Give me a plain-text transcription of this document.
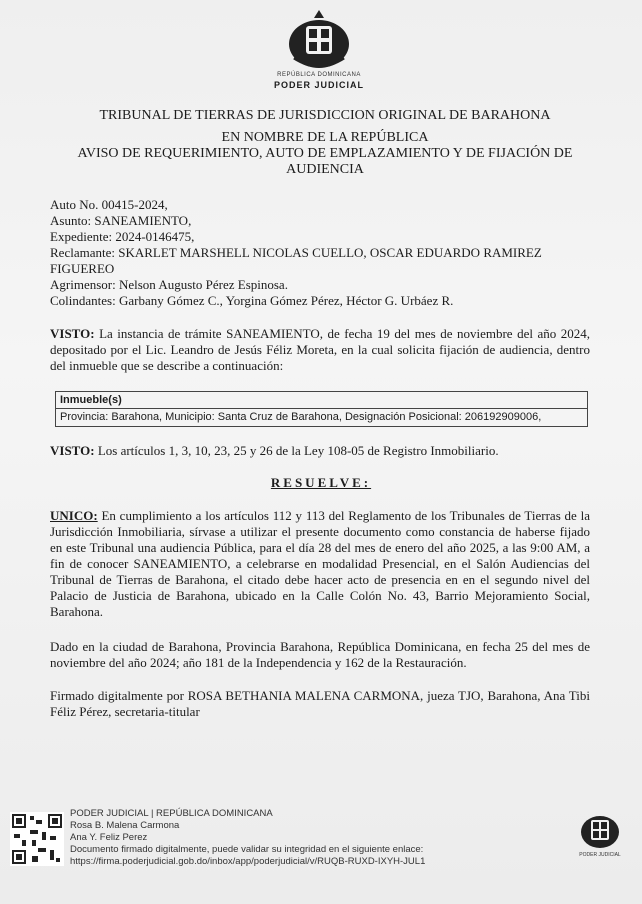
REPÚBLICA DOMINICANA
PODER JUDICIAL
TRIBUNAL DE TIERRAS DE JURISDICCION ORIGINAL DE BARAHONA
EN NOMBRE DE LA REPÚBLICA
AVISO DE REQUERIMIENTO, AUTO DE EMPLAZAMIENTO Y DE FIJACIÓN DE
AUDIENCIA
Auto No. 00415-2024,
Asunto: SANEAMIENTO,
Expediente: 2024-0146475,
Reclamante: SKARLET MARSHELL NICOLAS CUELLO, OSCAR EDUARDO RAMIREZ FIGUEREO
Agrimensor: Nelson Augusto Pérez Espinosa.
Colindantes: Garbany Gómez C., Yorgina Gómez Pérez, Héctor G. Urbáez R.
VISTO: La instancia de trámite SANEAMIENTO, de fecha 19 del mes de noviembre del año 2024, depositado por el Lic. Leandro de Jesús Féliz Moreta, en la cual solicita fijación de audiencia, dentro del inmueble que se describe a continuación:
Inmueble(s)
Provincia: Barahona, Municipio: Santa Cruz de Barahona, Designación Posicional: 206192909006,
VISTO: Los artículos 1, 3, 10, 23, 25 y 26 de la Ley 108-05 de Registro Inmobiliario.
RESUELVE:
UNICO: En cumplimiento a los artículos 112 y 113 del Reglamento de los Tribunales de Tierras de la Jurisdicción Inmobiliaria, sírvase a utilizar el presente documento como constancia de haberse fijado en este Tribunal una audiencia Pública, para el día 28 del mes de enero del año 2025, a las 9:00 AM, a fin de conocer SANEAMIENTO, a celebrarse en modalidad Presencial, en el Salón Audiencias del Tribunal de Tierras de Barahona, el citado debe hacer acto de presencia en en el segundo nivel del Palacio de Justicia de Barahona, ubicado en la Calle Colón No. 43, Barrio Mejoramiento Social, Barahona.
Dado en la ciudad de Barahona, Provincia Barahona, República Dominicana, en fecha 25 del mes de noviembre del año 2024; año 181 de la Independencia y 162 de la Restauración.
Firmado digitalmente por ROSA BETHANIA MALENA CARMONA, jueza TJO, Barahona, Ana Tibi Féliz Pérez, secretaria-titular
PODER JUDICIAL | REPÚBLICA DOMINICANA
Rosa B. Malena Carmona
Ana Y. Feliz Perez
Documento firmado digitalmente, puede validar su integridad en el siguiente enlace:
https://firma.poderjudicial.gob.do/inbox/app/poderjudicial/v/RUQB-RUXD-IXYH-JUL1
PODER JUDICIAL
